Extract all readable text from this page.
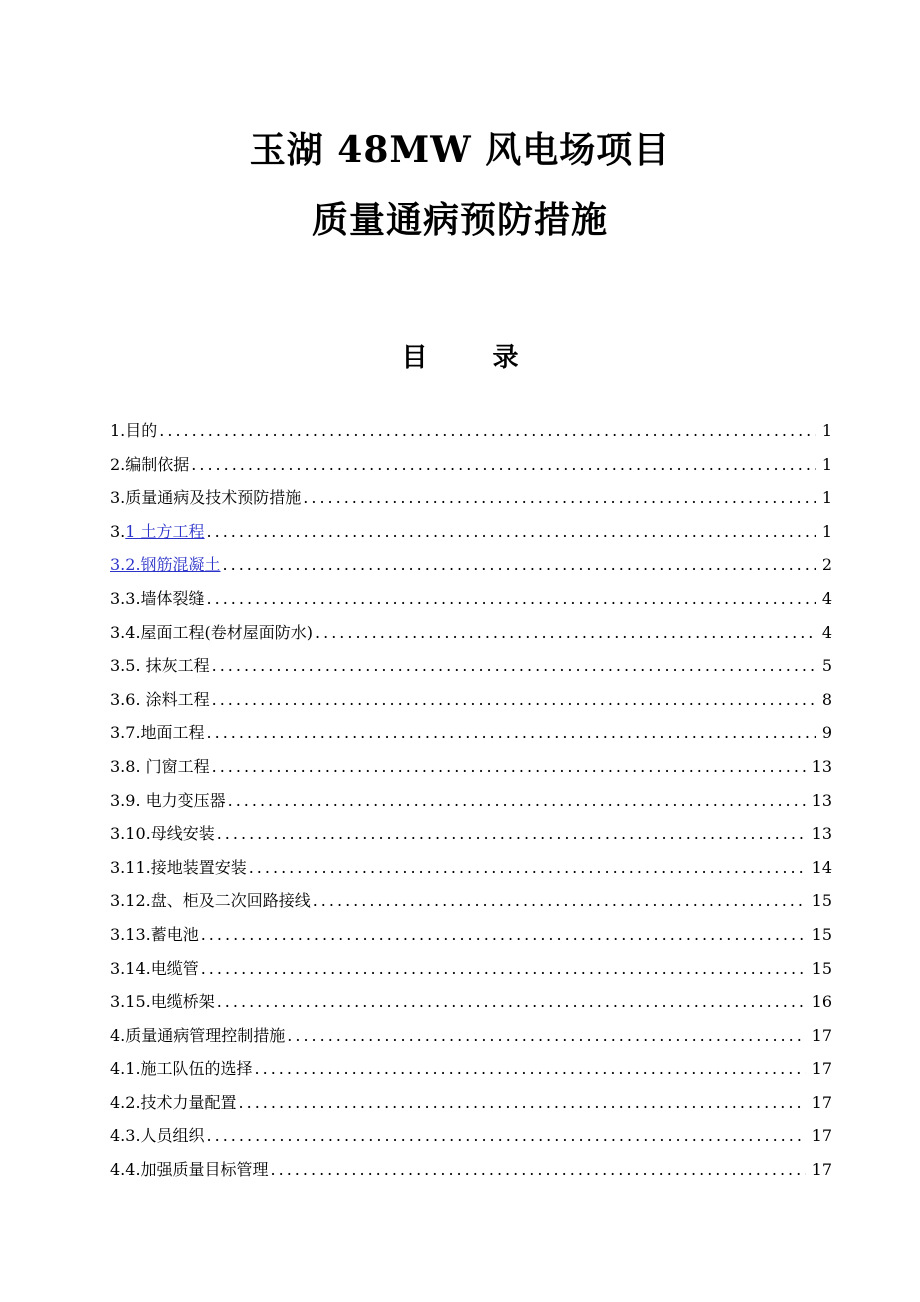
玉湖 48MW 风电场项目
质量通病预防措施
目 录
1.目的 .....	1
2.编制依据 .....	1
3.质量通病及技术预防措施 .....	1
3. 1 土方工程 .....	1
3.2.钢筋混凝土 .....	2
3.3.墙体裂缝 .....	4
3.4.屋面工程(卷材屋面防水) .....	4
3.5. 抹灰工程 .....	5
3.6. 涂料工程 .....	8
3.7.地面工程 .....	9
3.8. 门窗工程 .....	13
3.9. 电力变压器 .....	13
3.10.母线安装 .....	13
3.11.接地装置安装 .....	14
3.12.盘、柜及二次回路接线 .....	15
3.13.蓄电池 .....	15
3.14.电缆管 .....	15
3.15.电缆桥架 .....	16
4.质量通病管理控制措施 .....	17
4.1.施工队伍的选择 .....	17
4.2.技术力量配置 .....	17
4.3.人员组织 .....	17
4.4.加强质量目标管理 .....	17
